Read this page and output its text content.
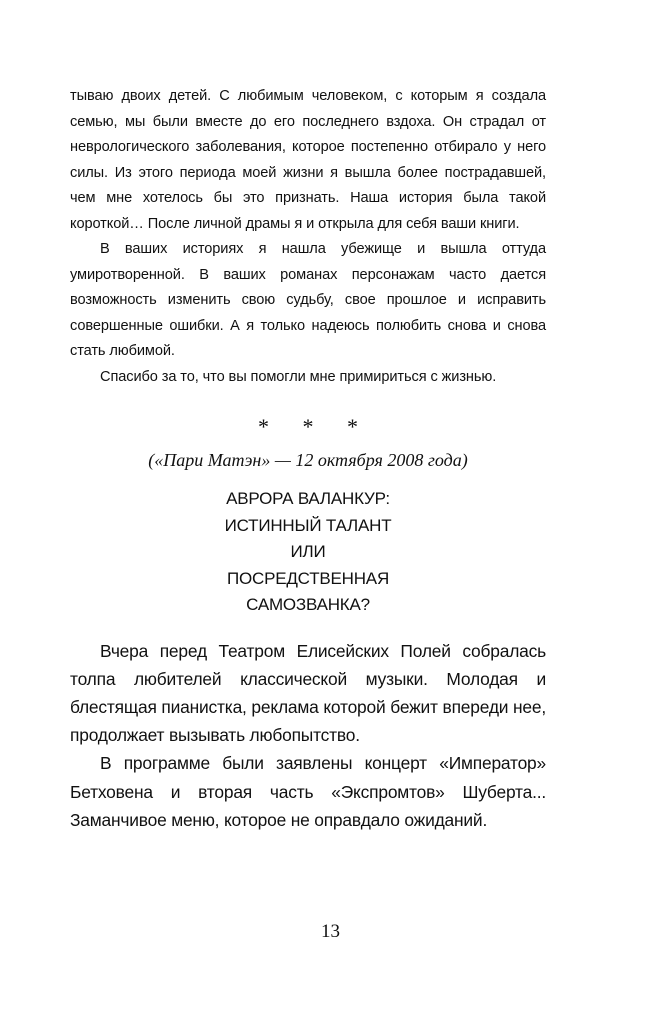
тываю двоих детей. С любимым человеком, с которым я создала семью, мы были вместе до его последнего вздоха. Он страдал от неврологического заболевания, которое постепенно отбирало у него силы. Из этого периода моей жизни я вышла более пострадавшей, чем мне хотелось бы это признать. Наша история была такой короткой… После личной драмы я и открыла для себя ваши книги.

В ваших историях я нашла убежище и вышла оттуда умиротворенной. В ваших романах персонажам часто дается возможность изменить свою судьбу, свое прошлое и исправить совершенные ошибки. А я только надеюсь полюбить снова и снова стать любимой.

Спасибо за то, что вы помогли мне примириться с жизнью.

* * *
(«Пари Матэн» — 12 октября 2008 года)
АВРОРА ВАЛАНКУР:
ИСТИННЫЙ ТАЛАНТ
ИЛИ
ПОСРЕДСТВЕННАЯ
САМОЗВАНКА?

Вчера перед Театром Елисейских Полей собралась толпа любителей классической музыки. Молодая и блестящая пианистка, реклама которой бежит впереди нее, продолжает вызывать любопытство.

В программе были заявлены концерт «Император» Бетховена и вторая часть «Экспромтов» Шуберта... Заманчивое меню, которое не оправдало ожиданий.

13
